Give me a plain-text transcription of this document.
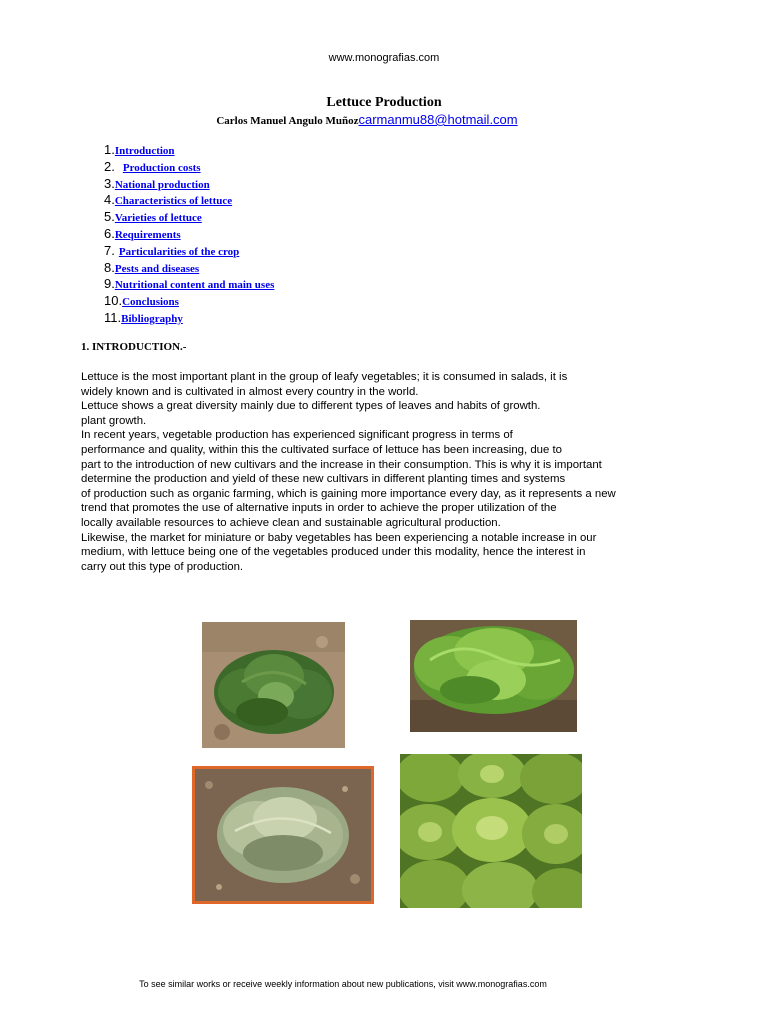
www.monografias.com
Lettuce Production
Carlos Manuel Angulo Muñozcarmanmu88@hotmail.com
1.Introduction
2. Production costs
3.National production
4.Characteristics of lettuce
5.Varieties of lettuce
6.Requirements
7. Particularities of the crop
8.Pests and diseases
9.Nutritional content and main uses
10.Conclusions
11.Bibliography
1. INTRODUCTION.-
Lettuce is the most important plant in the group of leafy vegetables; it is consumed in salads, it is
widely known and is cultivated in almost every country in the world.
Lettuce shows a great diversity mainly due to different types of leaves and habits of growth.
plant growth.
In recent years, vegetable production has experienced significant progress in terms of
performance and quality, within this the cultivated surface of lettuce has been increasing, due to
part to the introduction of new cultivars and the increase in their consumption. This is why it is important
determine the production and yield of these new cultivars in different planting times and systems
of production such as organic farming, which is gaining more importance every day, as it represents a new
trend that promotes the use of alternative inputs in order to achieve the proper utilization of the
locally available resources to achieve clean and sustainable agricultural production.
Likewise, the market for miniature or baby vegetables has been experiencing a notable increase in our
medium, with lettuce being one of the vegetables produced under this modality, hence the interest in
carry out this type of production.
To see similar works or receive weekly information about new publications, visit www.monografias.com
